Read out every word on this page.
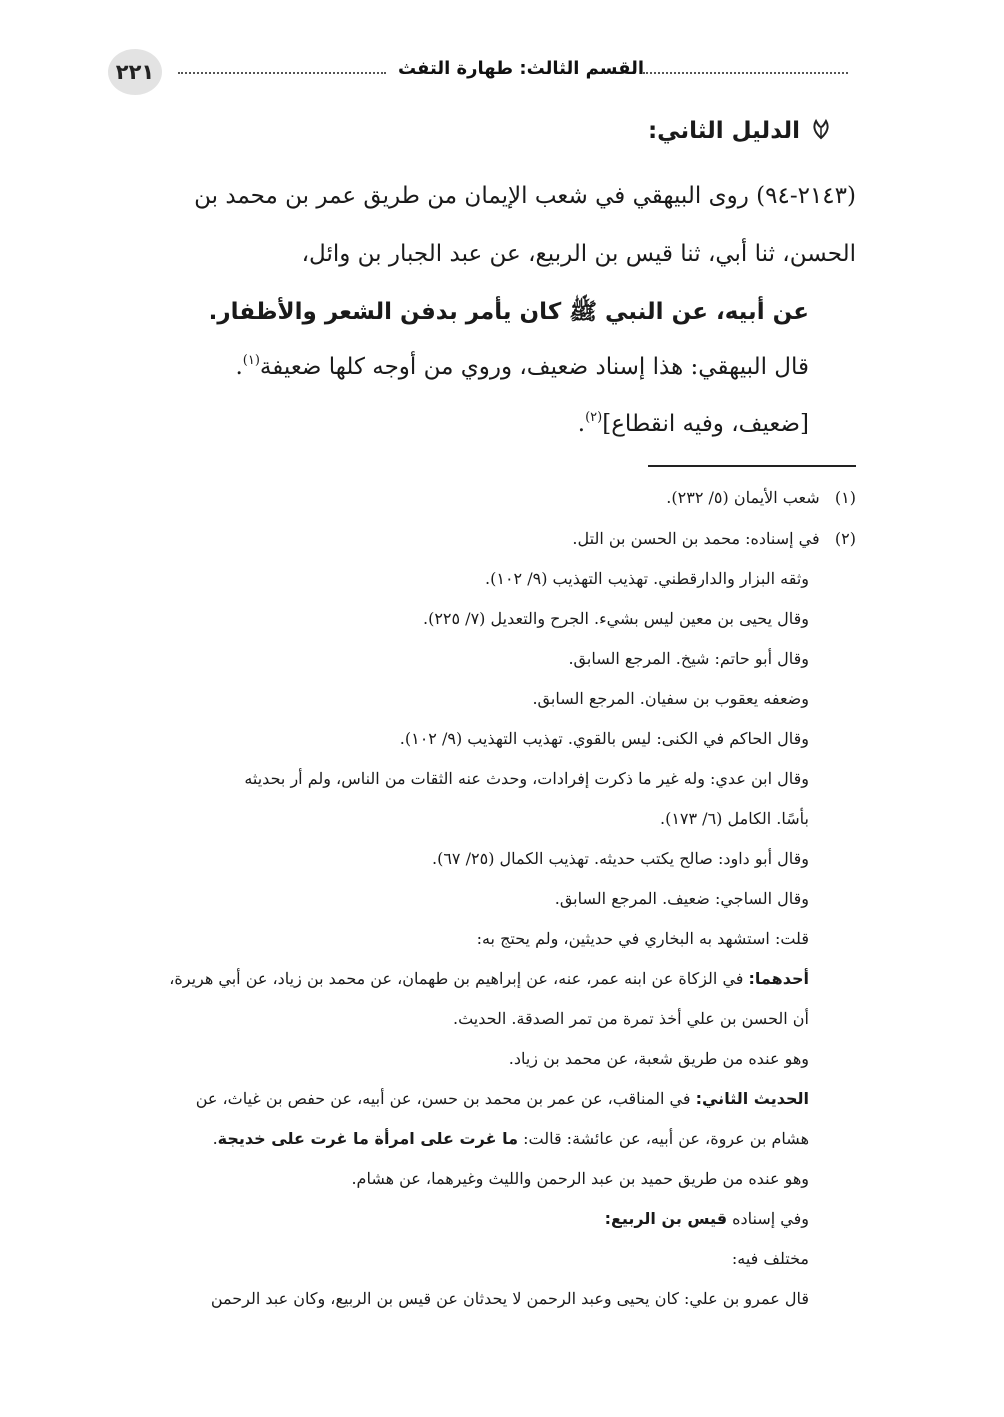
٢٢١	القسم الثالث: طهارة التفث
الدليل الثاني:
(٢١٤٣-٩٤) روى البيهقي في شعب الإيمان من طريق عمر بن محمد بن
الحسن، ثنا أبي، ثنا قيس بن الربيع، عن عبد الجبار بن وائل،
عن أبيه، عن النبي ﷺ كان يأمر بدفن الشعر والأظفار.
قال البيهقي: هذا إسناد ضعيف، وروي من أوجه كلها ضعيفة$^{(١)}$.
[ضعيف، وفيه انقطاع]$^{(٢)}$.
(١)   شعب الأيمان (٥/ ٢٣٢).
(٢)   في إسناده: محمد بن الحسن بن التل.
وثقه البزار والدارقطني. تهذيب التهذيب (٩/ ١٠٢).
وقال يحيى بن معين ليس بشيء. الجرح والتعديل (٧/ ٢٢٥).
وقال أبو حاتم: شيخ. المرجع السابق.
وضعفه يعقوب بن سفيان. المرجع السابق.
وقال الحاكم في الكنى: ليس بالقوي. تهذيب التهذيب (٩/ ١٠٢).
وقال ابن عدي: وله غير ما ذكرت إفرادات، وحدث عنه الثقات من الناس، ولم أر بحديثه
بأسًا. الكامل (٦/ ١٧٣).
وقال أبو داود: صالح يكتب حديثه. تهذيب الكمال (٢٥/ ٦٧).
وقال الساجي: ضعيف. المرجع السابق.
قلت: استشهد به البخاري في حديثين، ولم يحتج به:
أحدهما: في الزكاة عن ابنه عمر، عنه، عن إبراهيم بن طهمان، عن محمد بن زياد، عن أبي هريرة،
أن الحسن بن علي أخذ تمرة من تمر الصدقة. الحديث.
وهو عنده من طريق شعبة، عن محمد بن زياد.
الحديث الثاني: في المناقب، عن عمر بن محمد بن حسن، عن أبيه، عن حفص بن غياث، عن
هشام بن عروة، عن أبيه، عن عائشة: قالت: ما غرت على امرأة ما غرت على خديجة.
وهو عنده من طريق حميد بن عبد الرحمن والليث وغيرهما، عن هشام.
وفي إسناده قيس بن الربيع:
مختلف فيه:
قال عمرو بن علي: كان يحيى وعبد الرحمن لا يحدثان عن قيس بن الربيع، وكان عبد الرحمن
